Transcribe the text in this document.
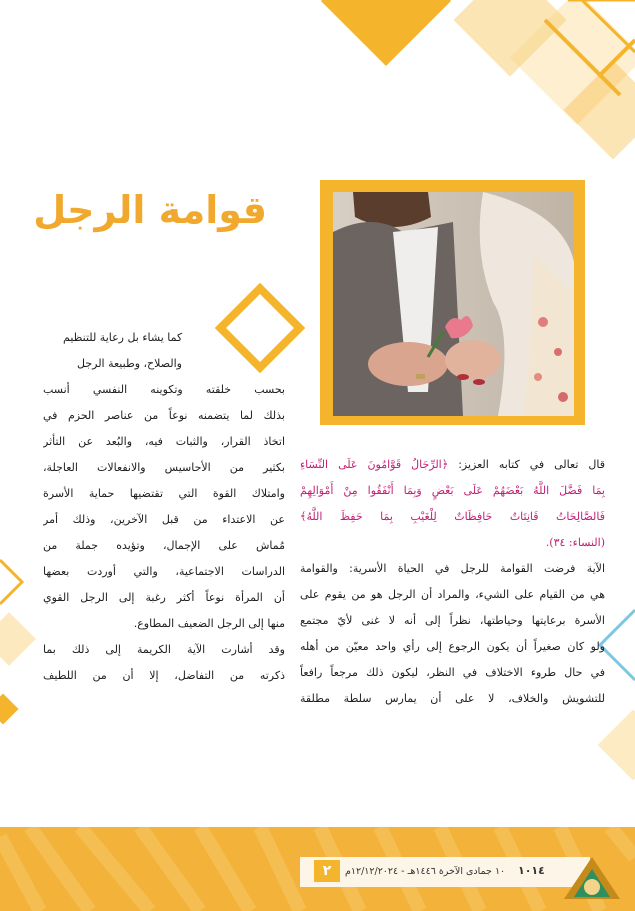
قوامة الرجل
كما يشاء بل رعاية للتنظيم
والصلاح، وطبيعة الرجل
بحسب خلقته وتكوينه النفسي أنسب
بذلك لما يتضمنه نوعاً من عناصر الحزم في
اتخاذ القرار، والثبات فيه، والبُعد عن التأثر
بكثير من الأحاسيس والانفعالات العاجلة،
وامتلاك القوة التي تقتضيها حماية الأسرة
عن الاعتداء من قبل الآخرين، وذلك أمر
مُماش على الإجمال، وتؤيده جملة من
الدراسات الاجتماعية، والتي أوردت بعضها
أن المرأة نوعاً أكثر رغبة إلى الرجل القوي
منها إلى الرجل الضعيف المطاوع.
وقد أشارت الآية الكريمة إلى ذلك بما
ذكرته من التفاضل، إلا أن من اللطيف
قال تعالى في كتابه العزيز: ﴿الرِّجَالُ قَوَّامُونَ عَلَى النِّسَاءِ
بِمَا فَضَّلَ اللَّهُ بَعْضَهُمْ عَلَى بَعْضٍ وَبِمَا أَنْفَقُوا مِنْ أَمْوَالِهِمْ
فَالصَّالِحَاتُ قَانِتَاتٌ حَافِظَاتٌ لِلْغَيْبِ بِمَا حَفِظَ اللَّهُ﴾
(النساء: ٣٤).
الآية فرضت القوامة للرجل في الحياة الأسرية: والقوامة
هي من القيام على الشيء، والمراد أن الرجل هو من يقوم على
الأسرة برعايتها وحياطتها، نظراً إلى أنه لا غنى لأيّ مجتمع
ولو كان صغيراً أن يكون الرجوع إلى رأي واحد معيّن من أهله
في حال طروء الاختلاف في النظر، ليكون ذلك مرجعاً رافعاً
للتشويش والخلاف، لا على أن يمارس سلطة مطلقة
٢	١٠ جمادى الآخرة ١٤٤٦هـ - ١٢/١٢/٢٠٢٤م ١٠١٤
